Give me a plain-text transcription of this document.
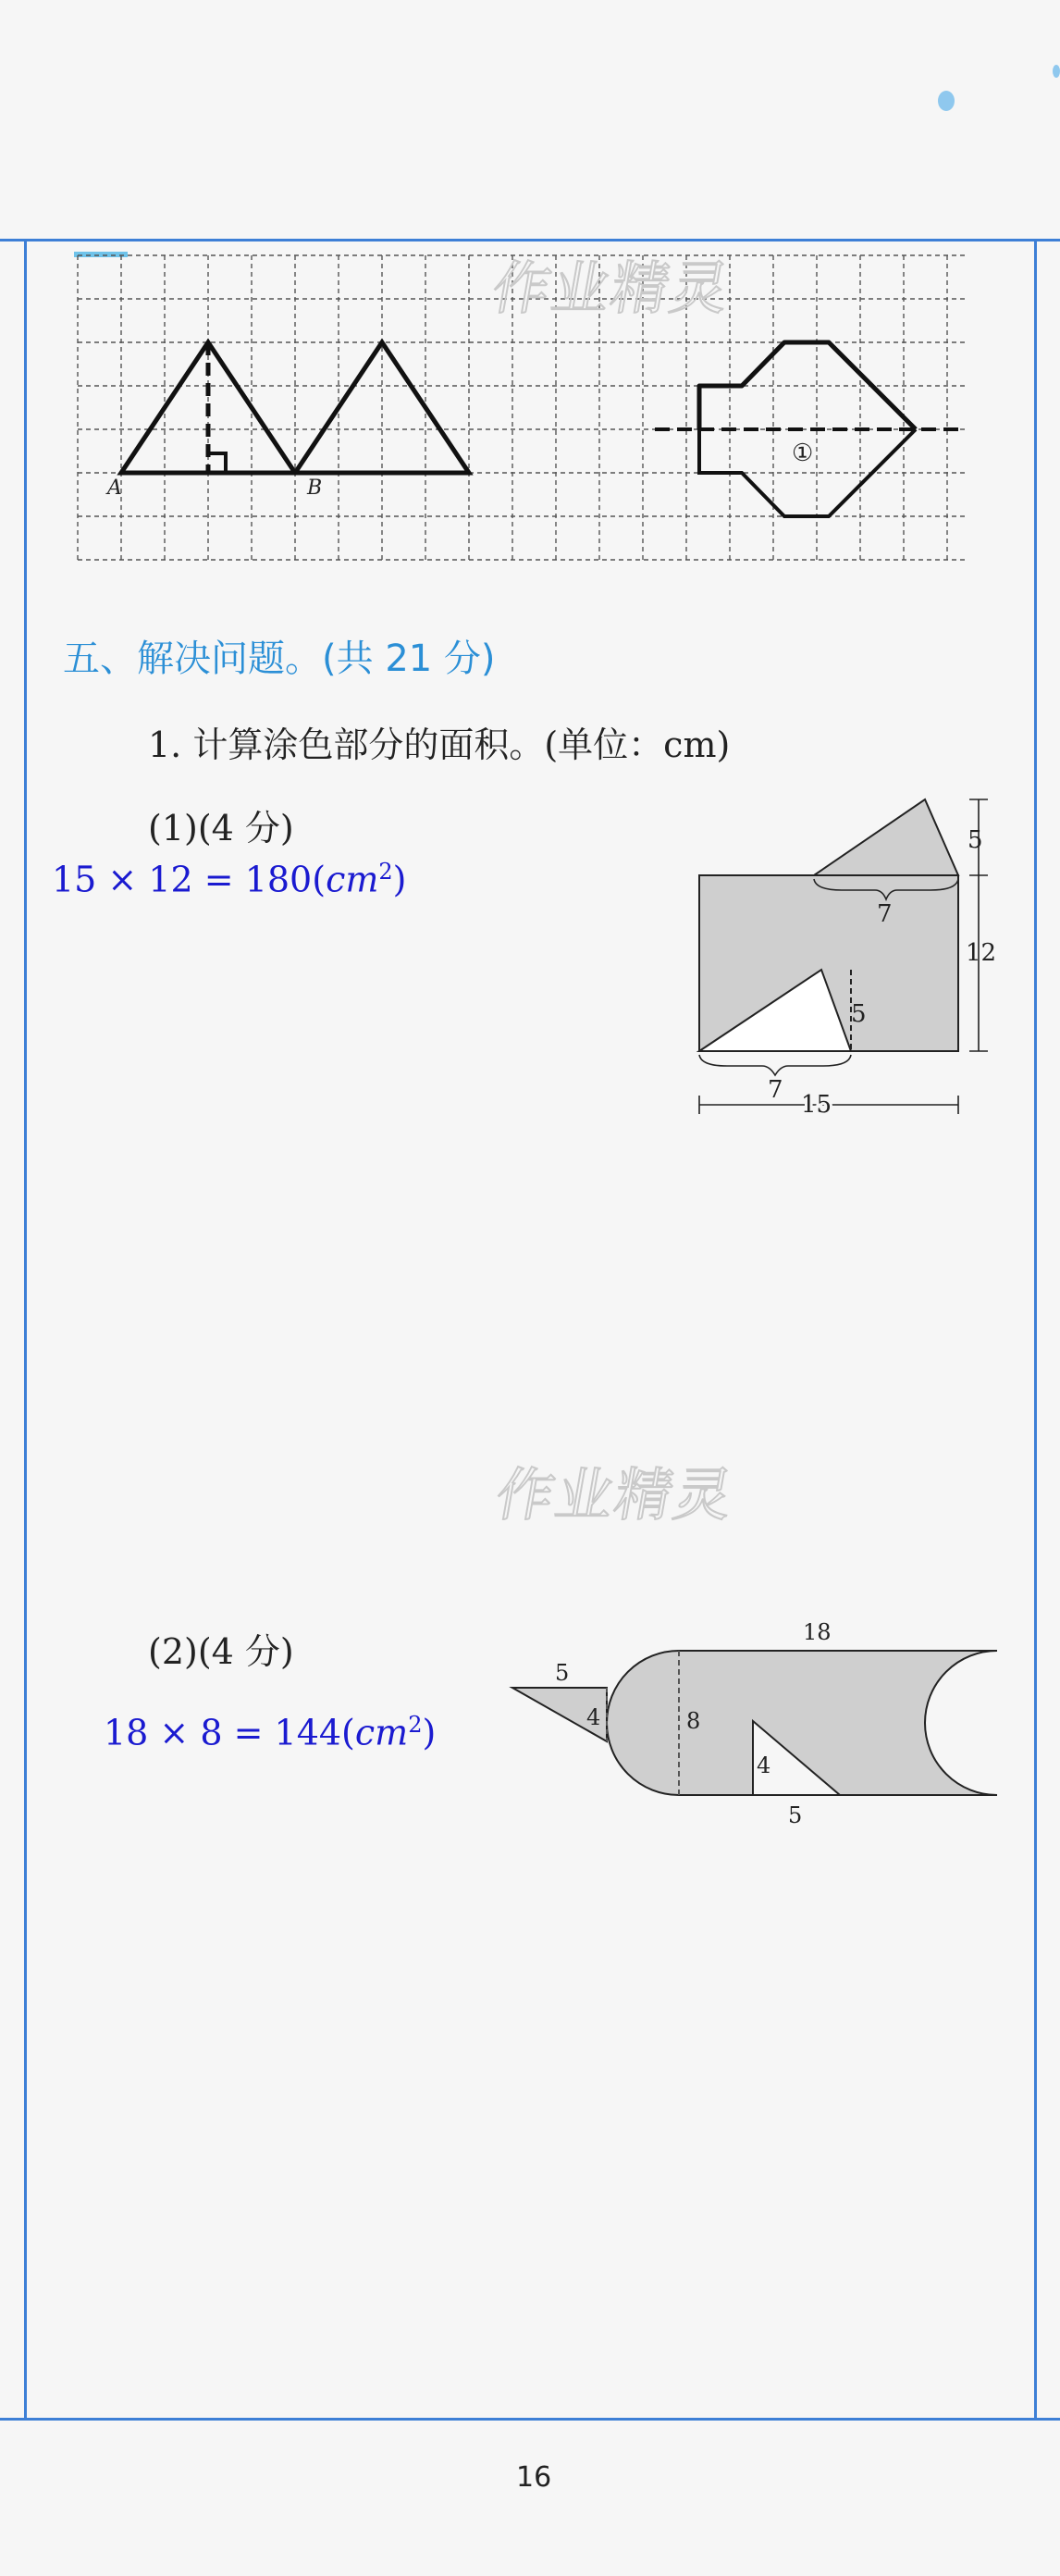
A	B
①
作业精灵
作业精灵
五、解决问题。(共 21 分)
1. 计算涂色部分的面积。(单位：cm)
(1)(4 分)
$15 \times 12 = 180(cm^2)$
5
7
12
5
7
15
(2)(4 分)
$18 \times 8 = 144(cm^2)$
18
5
4	8
4
5
16
